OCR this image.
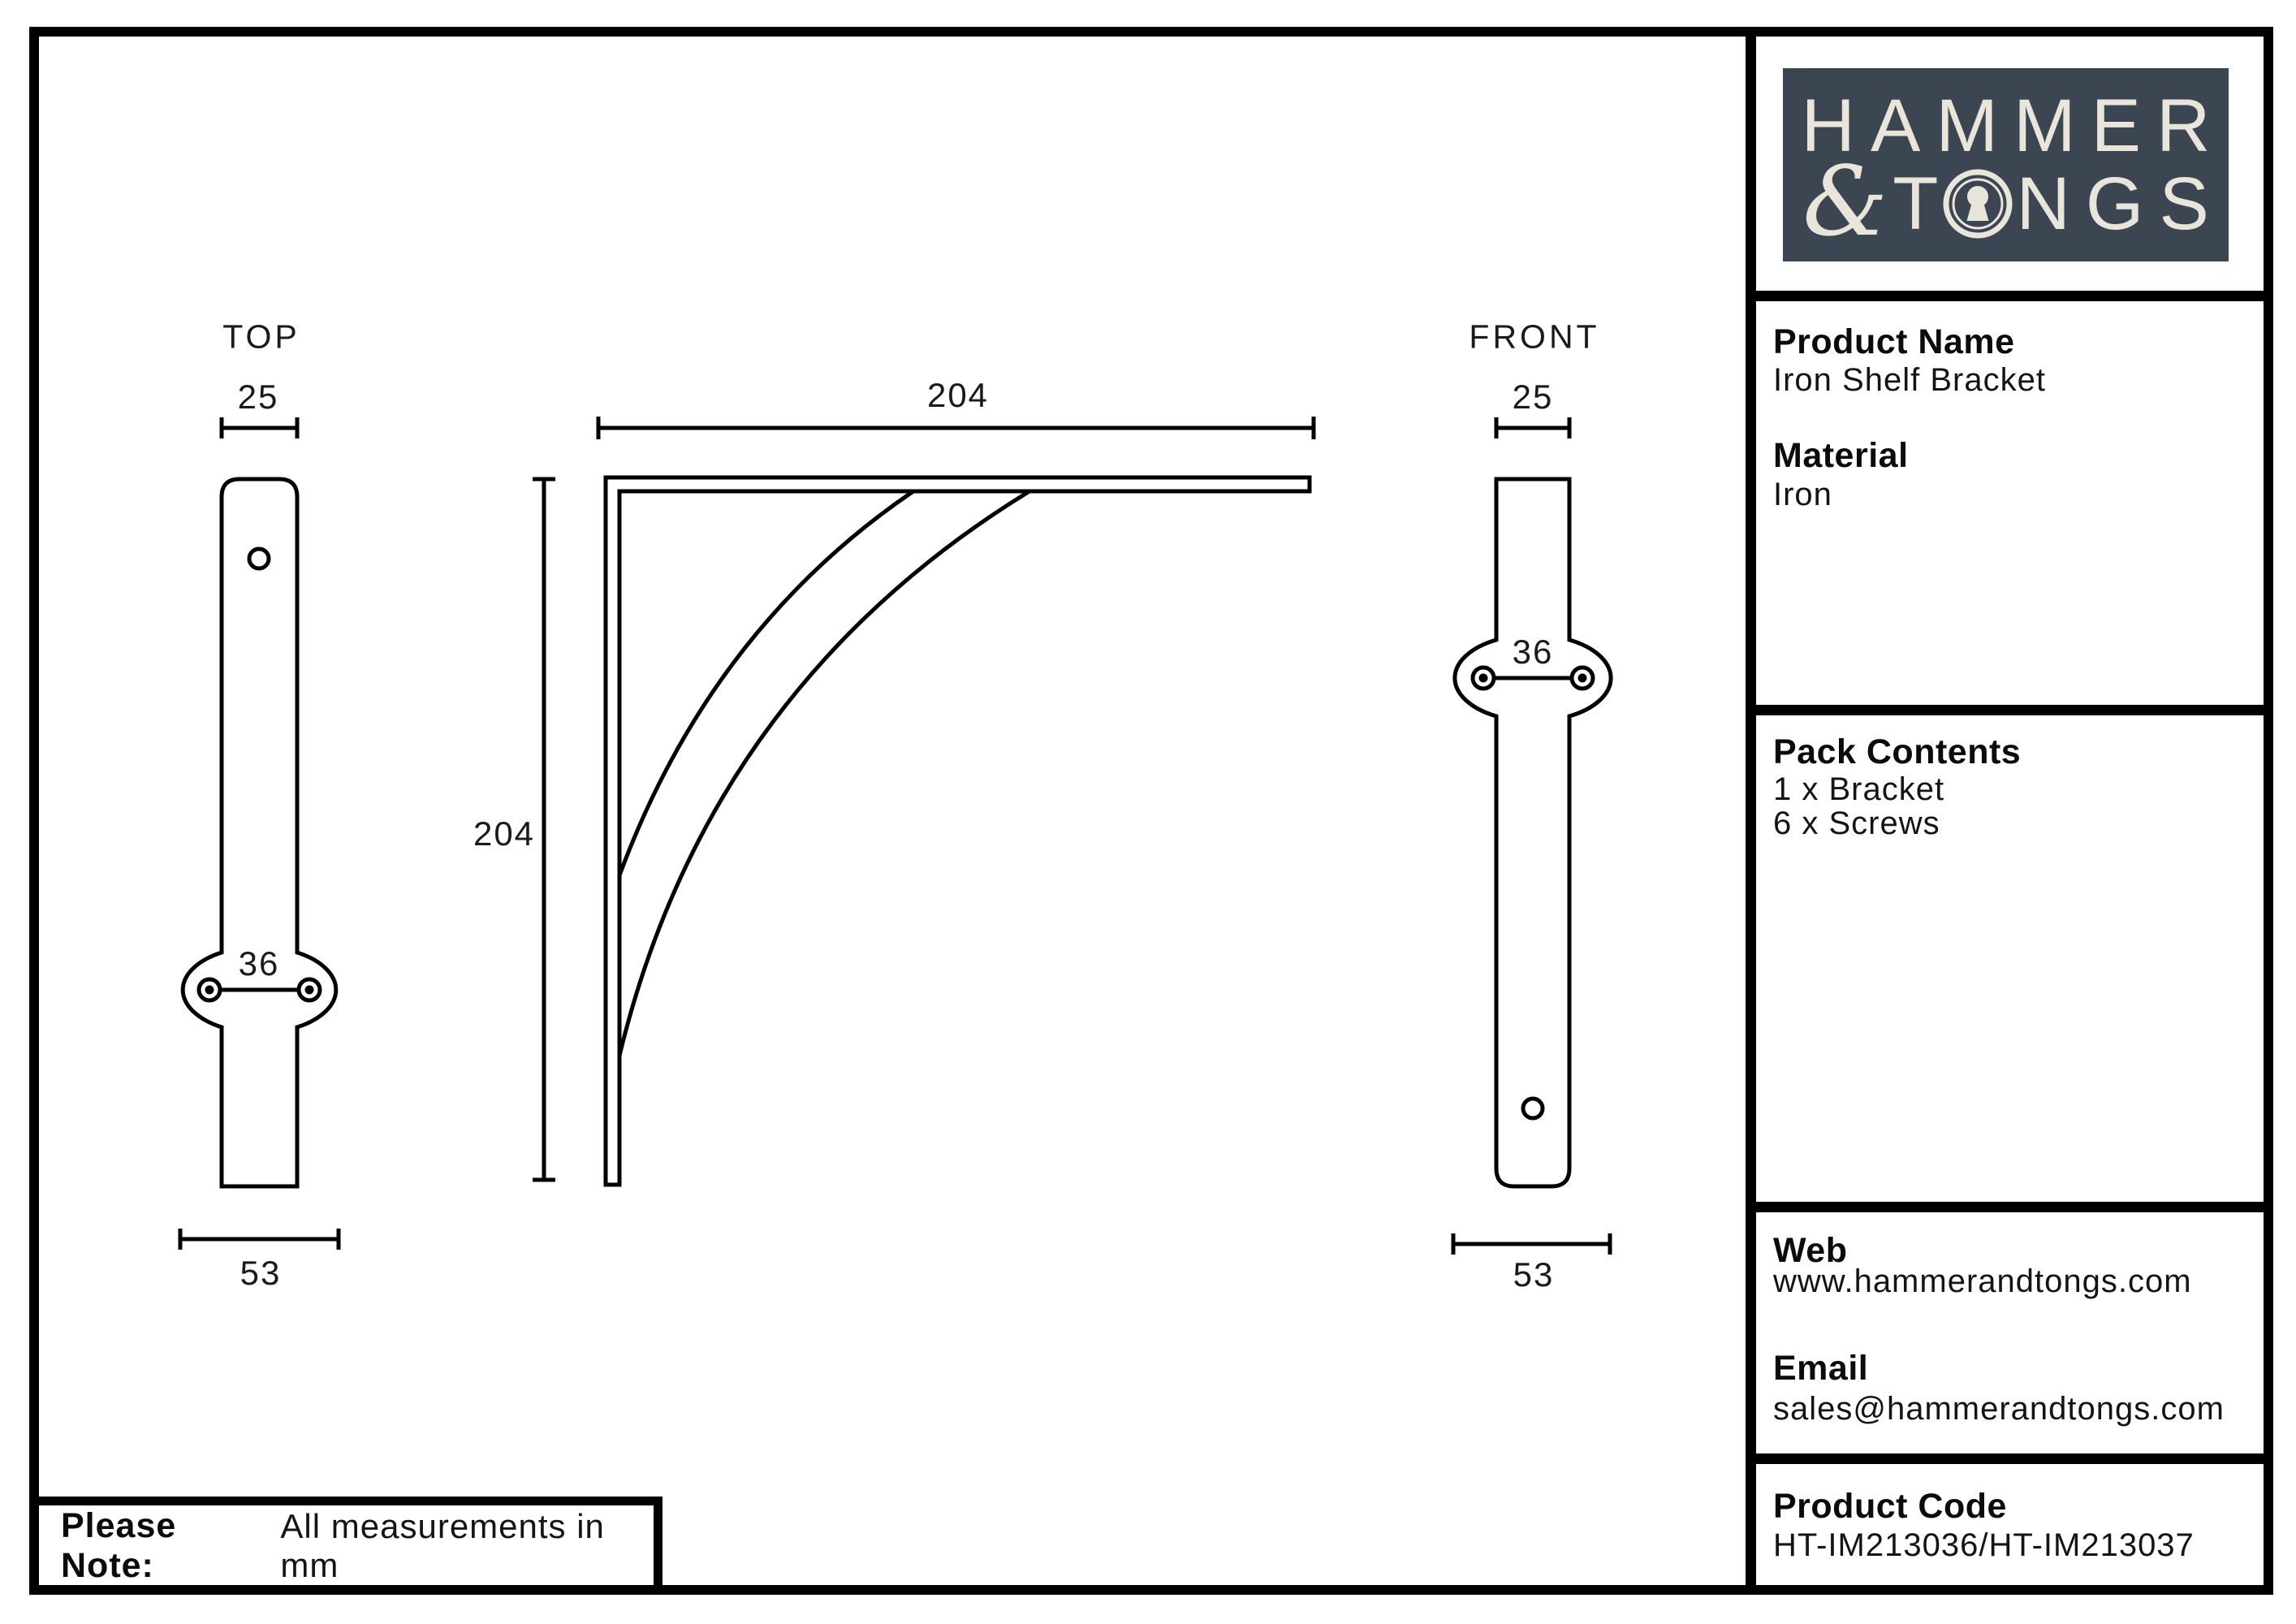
TOP	FRONT
25	25
204
204
36
36
53	53
HAMMER
& T NGS
Product Name
Iron Shelf Bracket
Material
Iron
Pack Contents
1 x Bracket
6 x Screws
Web
www.hammerandtongs.com
Email
sales@hammerandtongs.com
Product Code
HT-IM213036/HT-IM213037
Please Note:
All measurements in mm
